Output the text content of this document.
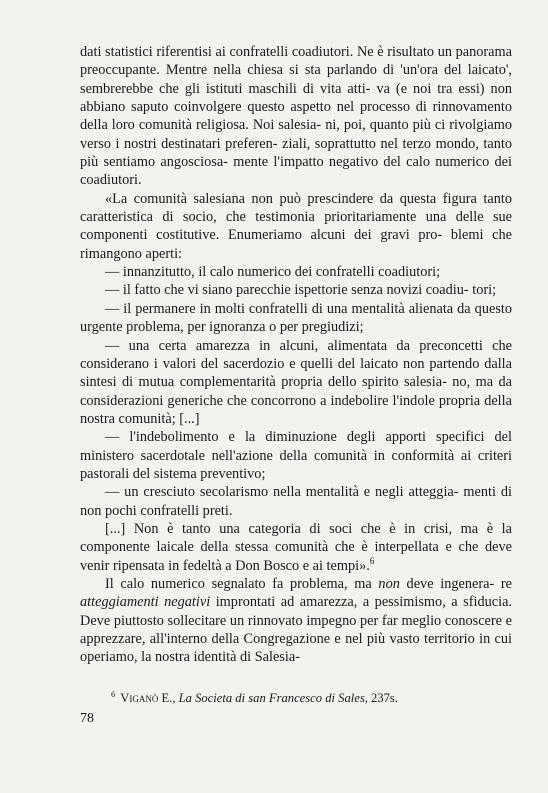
dati statistici riferentisi ai confratelli coadiutori. Ne è risultato un panorama preoccupante. Mentre nella chiesa si sta parlando di 'un'ora del laicato', sembrerebbe che gli istituti maschili di vita atti- va (e noi tra essi) non abbiano saputo coinvolgere questo aspetto nel processo di rinnovamento della loro comunità religiosa. Noi salesia- ni, poi, quanto più ci rivolgiamo verso i nostri destinatari preferen- ziali, soprattutto nel terzo mondo, tanto più sentiamo angosciosa- mente l'impatto negativo del calo numerico dei coadiutori.

«La comunità salesiana non può prescindere da questa figura tanto caratteristica di socio, che testimonia prioritariamente una delle sue componenti costitutive. Enumeriamo alcuni dei gravi pro- blemi che rimangono aperti:

— innanzitutto, il calo numerico dei confratelli coadiutori;

— il fatto che vi siano parecchie ispettorie senza novizi coadiu- tori;

— il permanere in molti confratelli di una mentalità alienata da questo urgente problema, per ignoranza o per pregiudizi;

— una certa amarezza in alcuni, alimentata da preconcetti che considerano i valori del sacerdozio e quelli del laicato non partendo dalla sintesi di mutua complementarità propria dello spirito salesia- no, ma da considerazioni generiche che concorrono a indebolire l'indole propria della nostra comunità; [...]

— l'indebolimento e la diminuzione degli apporti specifici del ministero sacerdotale nell'azione della comunità in conformità ai criteri pastorali del sistema preventivo;

— un cresciuto secolarismo nella mentalità e negli atteggia- menti di non pochi confratelli preti.

[...] Non è tanto una categoria di soci che è in crisi, ma è la componente laicale della stessa comunità che è interpellata e che deve venir ripensata in fedeltà a Don Bosco e ai tempi».$^6$

Il calo numerico segnalato fa problema, ma non deve ingenera- re atteggiamenti negativi improntati ad amarezza, a pessimismo, a sfiducia. Deve piuttosto sollecitare un rinnovato impegno per far meglio conoscere e apprezzare, all'interno della Congregazione e nel più vasto territorio in cui operiamo, la nostra identità di Salesia-

$^6$ Viganò E., La Societa di san Francesco di Sales, 237s.
78
